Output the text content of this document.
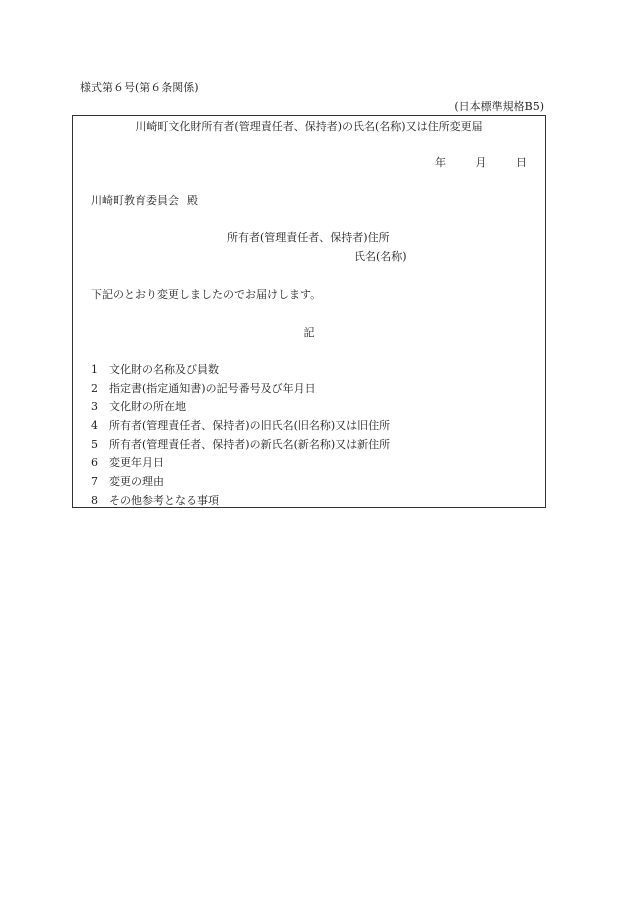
様式第６号(第６条関係)
(日本標準規格B5)
川崎町文化財所有者(管理責任者、保持者)の氏名(名称)又は住所変更届
年	月	日
川崎町教育委員会 殿
所有者(管理責任者、保持者)住所
氏名(名称)
下記のとおり変更しましたのでお届けします。
記
1 文化財の名称及び員数
2 指定書(指定通知書)の記号番号及び年月日
3 文化財の所在地
4 所有者(管理責任者、保持者)の旧氏名(旧名称)又は旧住所
5 所有者(管理責任者、保持者)の新氏名(新名称)又は新住所
6 変更年月日
7 変更の理由
8 その他参考となる事項
